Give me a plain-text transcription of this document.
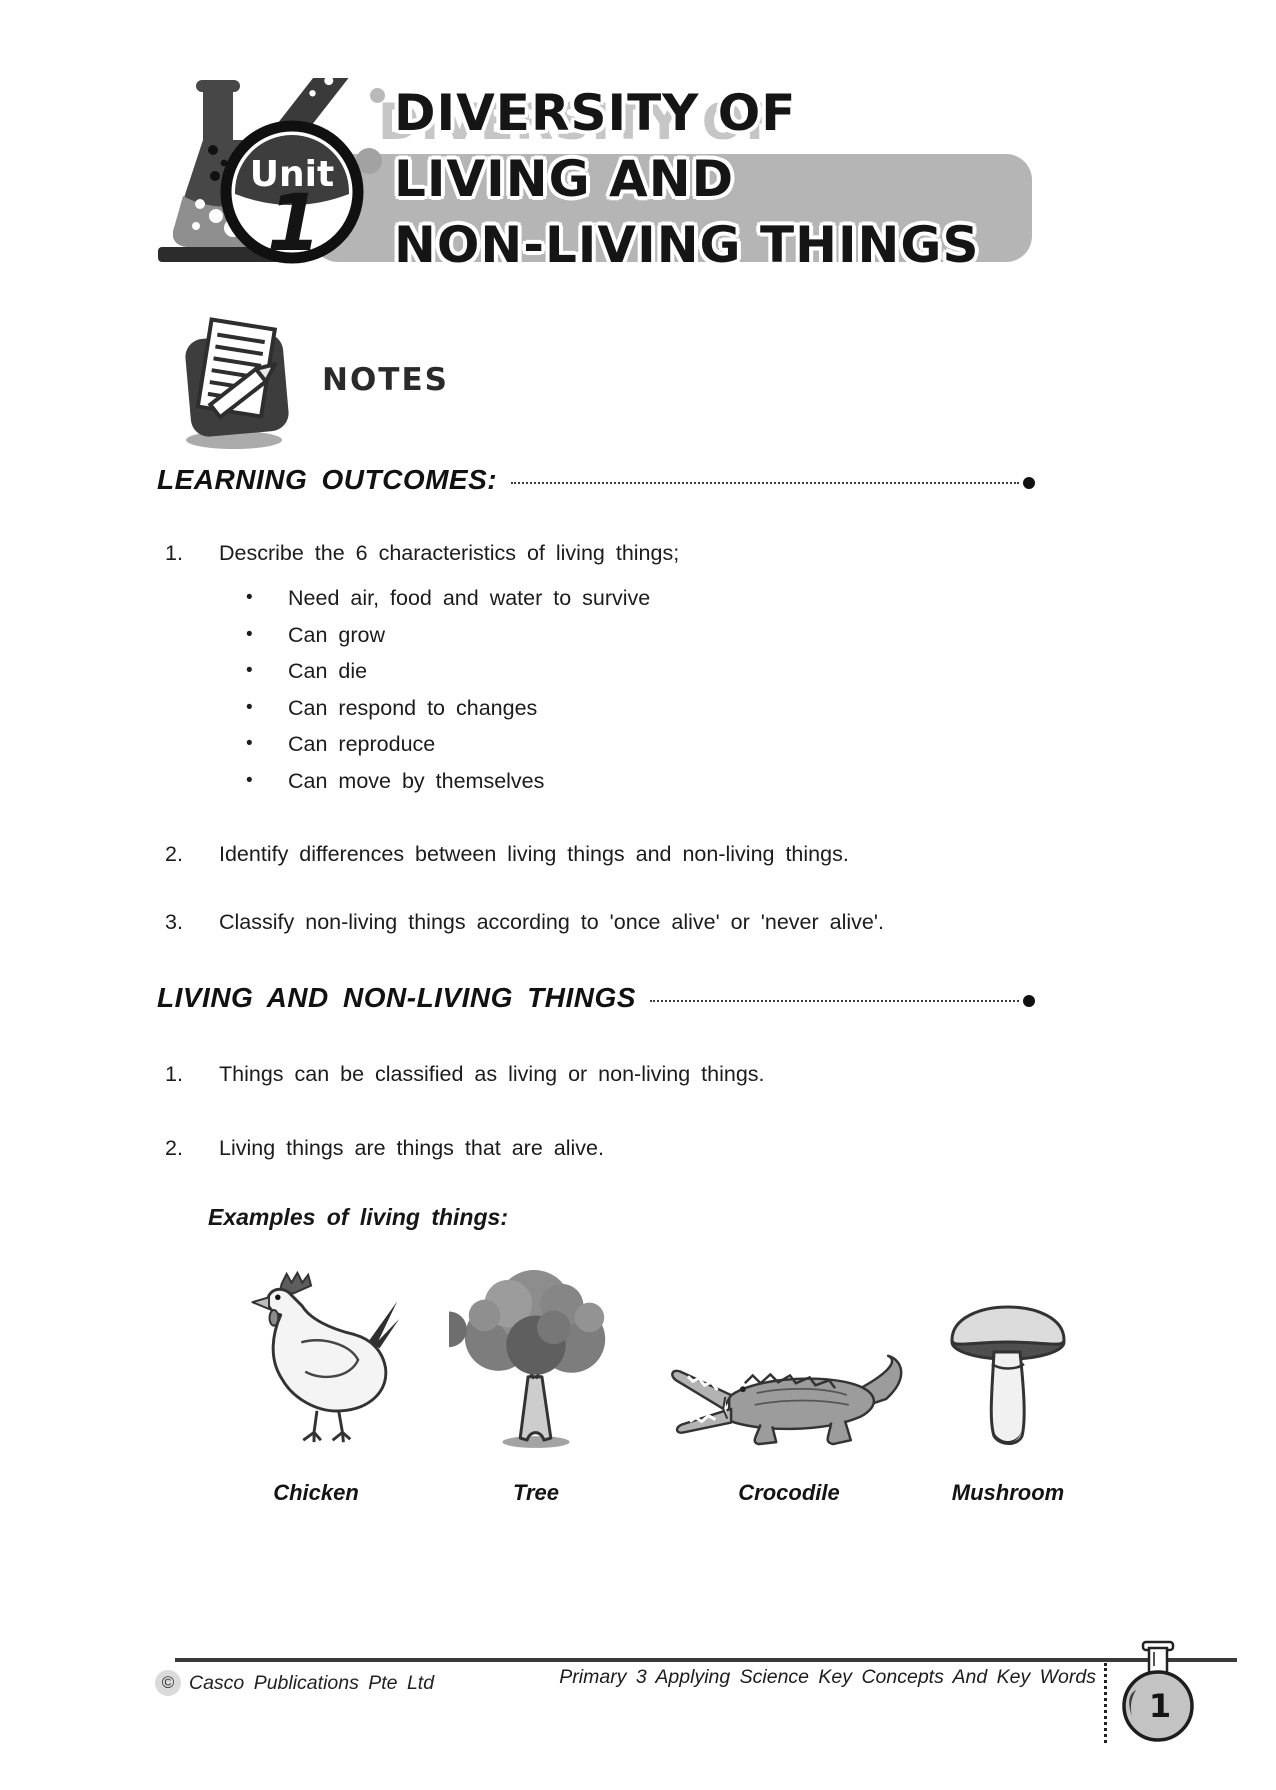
Unit
1
DIVERSITY OF
LIVING AND
NON-LIVING THINGS
NOTES
LEARNING OUTCOMES:
1.	Describe the 6 characteristics of living things;
•	Need air, food and water to survive
•	Can grow
•	Can die
•	Can respond to changes
•	Can reproduce
•	Can move by themselves
2.	Identify differences between living things and non-living things.
3.	Classify non-living things according to 'once alive' or 'never alive'.
LIVING AND NON-LIVING THINGS
1.	Things can be classified as living or non-living things.
2.	Living things are things that are alive.
Examples of living things:
Chicken	Tree	Crocodile	Mushroom
© Casco Publications Pte Ltd	Primary 3 Applying Science Key Concepts And Key Words
1
